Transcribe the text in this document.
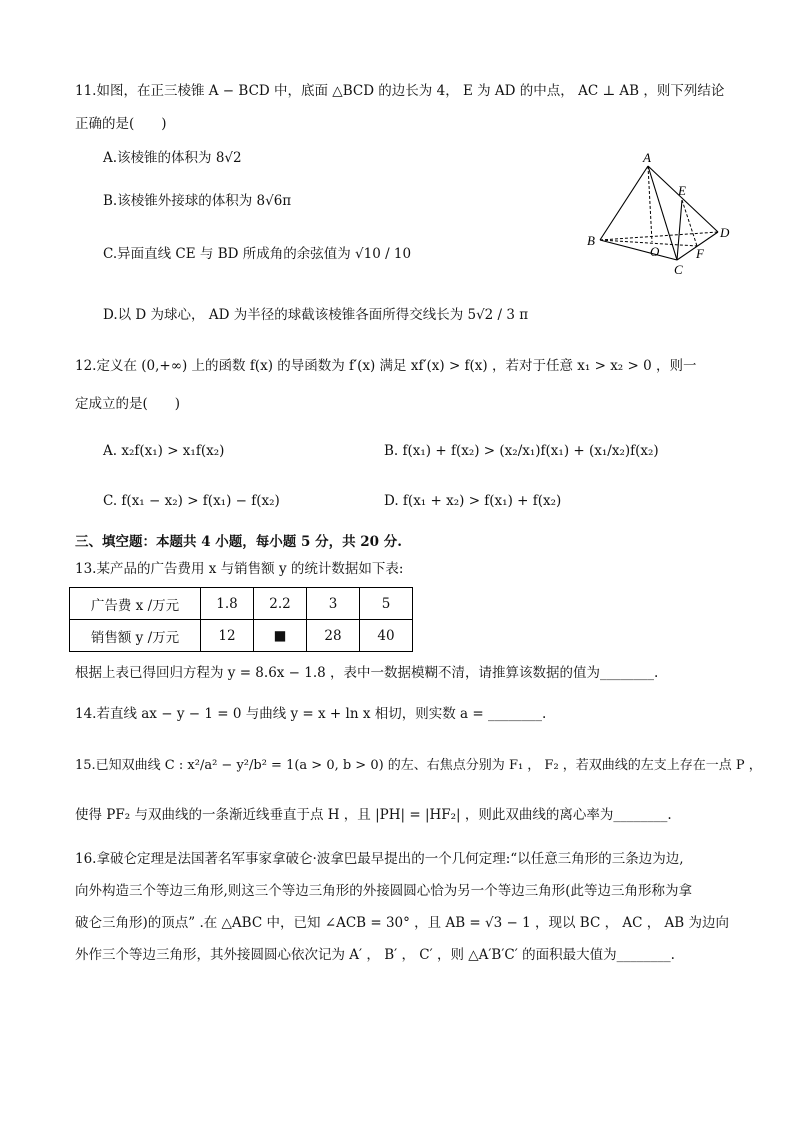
11.如图，在正三棱锥 A − BCD 中，底面 △BCD 的边长为 4， E 为 AD 的中点， AC ⊥ AB ，则下列结论
正确的是(　　)
A.该棱锥的体积为 8√2
B.该棱锥外接球的体积为 8√6π
C.异面直线 CE 与 BD 所成角的余弦值为 √10 / 10
D.以 D 为球心， AD 为半径的球截该棱锥各面所得交线长为 5√2 / 3 π
A
B
C
D
E
F
O
12.定义在 (0,+∞) 上的函数 f(x) 的导函数为 f′(x) 满足 xf′(x) > f(x) ，若对于任意 x₁ > x₂ > 0 ，则一
定成立的是(　　)
A. x₂f(x₁) > x₁f(x₂)	B. f(x₁) + f(x₂) > (x₂/x₁)f(x₁) + (x₁/x₂)f(x₂)
C. f(x₁ − x₂) > f(x₁) − f(x₂)	D. f(x₁ + x₂) > f(x₁) + f(x₂)
三、填空题：本题共 4 小题，每小题 5 分，共 20 分.
13.某产品的广告费用 x 与销售额 y 的统计数据如下表:
广告费 x /万元	1.8	2.2	3	5
销售额 y /万元	12	■	28	40
根据上表已得回归方程为 y = 8.6x − 1.8 ，表中一数据模糊不清，请推算该数据的值为________.
14.若直线 ax − y − 1 = 0 与曲线 y = x + ln x 相切，则实数 a = ________.
15.已知双曲线 C : x²/a² − y²/b² = 1(a > 0, b > 0) 的左、右焦点分别为 F₁ ， F₂ ，若双曲线的左支上存在一点 P ，
使得 PF₂ 与双曲线的一条渐近线垂直于点 H ，且 |PH| = |HF₂| ，则此双曲线的离心率为________.
16.拿破仑定理是法国著名军事家拿破仑·波拿巴最早提出的一个几何定理:“以任意三角形的三条边为边,
向外构造三个等边三角形,则这三个等边三角形的外接圆圆心恰为另一个等边三角形(此等边三角形称为拿
破仑三角形)的顶点” .在 △ABC 中，已知 ∠ACB = 30° ，且 AB = √3 − 1 ，现以 BC ， AC ， AB 为边向
外作三个等边三角形，其外接圆圆心依次记为 A′ ， B′ ， C′ ，则 △A′B′C′ 的面积最大值为________.
